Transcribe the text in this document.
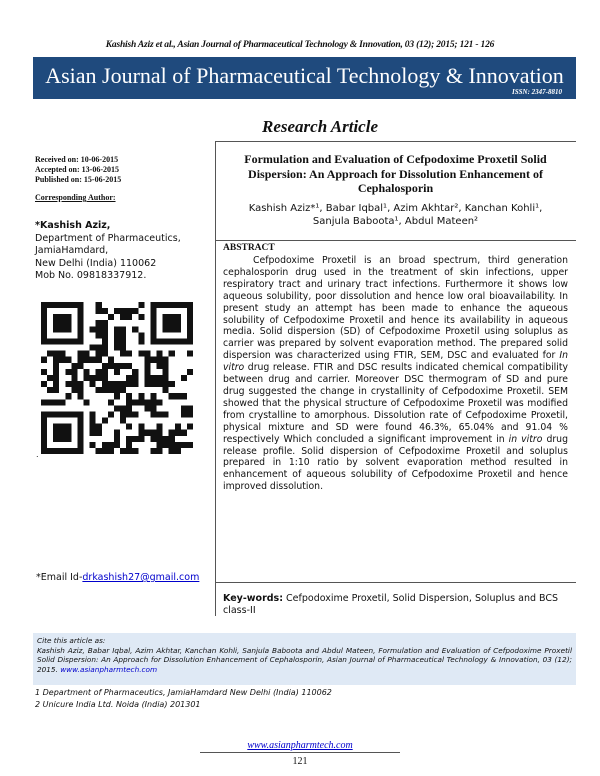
Kashish Aziz et al., Asian Journal of Pharmaceutical Technology & Innovation, 03 (12); 2015; 121 - 126
Asian Journal of Pharmaceutical Technology & Innovation
ISSN: 2347-8810
Research Article
Received on: 10-06-2015
Accepted on: 13-06-2015
Published on: 15-06-2015
Corresponding Author:
*Kashish Aziz,
Department of Pharmaceutics,
JamiaHamdard,
New Delhi (India) 110062
Mob No. 09818337912.
.
*Email Id-drkashish27@gmail.com
Formulation and Evaluation of Cefpodoxime Proxetil Solid Dispersion: An Approach for Dissolution Enhancement of Cephalosporin
Kashish Aziz*¹, Babar Iqbal¹, Azim Akhtar², Kanchan Kohli¹,
Sanjula Baboota¹, Abdul Mateen²
ABSTRACT
Cefpodoxime Proxetil is an broad spectrum, third generation cephalosporin drug used in the treatment of skin infections, upper respiratory tract and urinary tract infections. Furthermore it shows low aqueous solubility, poor dissolution and hence low oral bioavailability. In present study an attempt has been made to enhance the aqueous solubility of Cefpodoxime Proxetil and hence its availability in aqueous media. Solid dispersion (SD) of Cefpodoxime Proxetil using soluplus as carrier was prepared by solvent evaporation method. The prepared solid dispersion was characterized using FTIR, SEM, DSC and evaluated for In vitro drug release. FTIR and DSC results indicated chemical compatibility between drug and carrier. Moreover DSC thermogram of SD and pure drug suggested the change in crystallinity of Cefpodoxime Proxetil. SEM showed that the physical structure of Cefpodoxime Proxetil was modified from crystalline to amorphous. Dissolution rate of Cefpodoxime Proxetil, physical mixture and SD were found 46.3%, 65.04% and 91.04 % respectively Which concluded a significant improvement in in vitro drug release profile. Solid dispersion of Cefpodoxime Proxetil and soluplus prepared in 1:10 ratio by solvent evaporation method resulted in enhancement of aqueous solubility of Cefpodoxime Proxetil and hence improved dissolution.
Key-words: Cefpodoxime Proxetil, Solid Dispersion, Soluplus and BCS class-II
Cite this article as:
Kashish Aziz, Babar Iqbal, Azim Akhtar, Kanchan Kohli, Sanjula Baboota and Abdul Mateen, Formulation and Evaluation of Cefpodoxime Proxetil Solid Dispersion: An Approach for Dissolution Enhancement of Cephalosporin, Asian Journal of Pharmaceutical Technology & Innovation, 03 (12); 2015. www.asianpharmtech.com
1 Department of Pharmaceutics, JamiaHamdard New Delhi (India) 110062
2 Unicure India Ltd. Noida (India) 201301
www.asianpharmtech.com
121
